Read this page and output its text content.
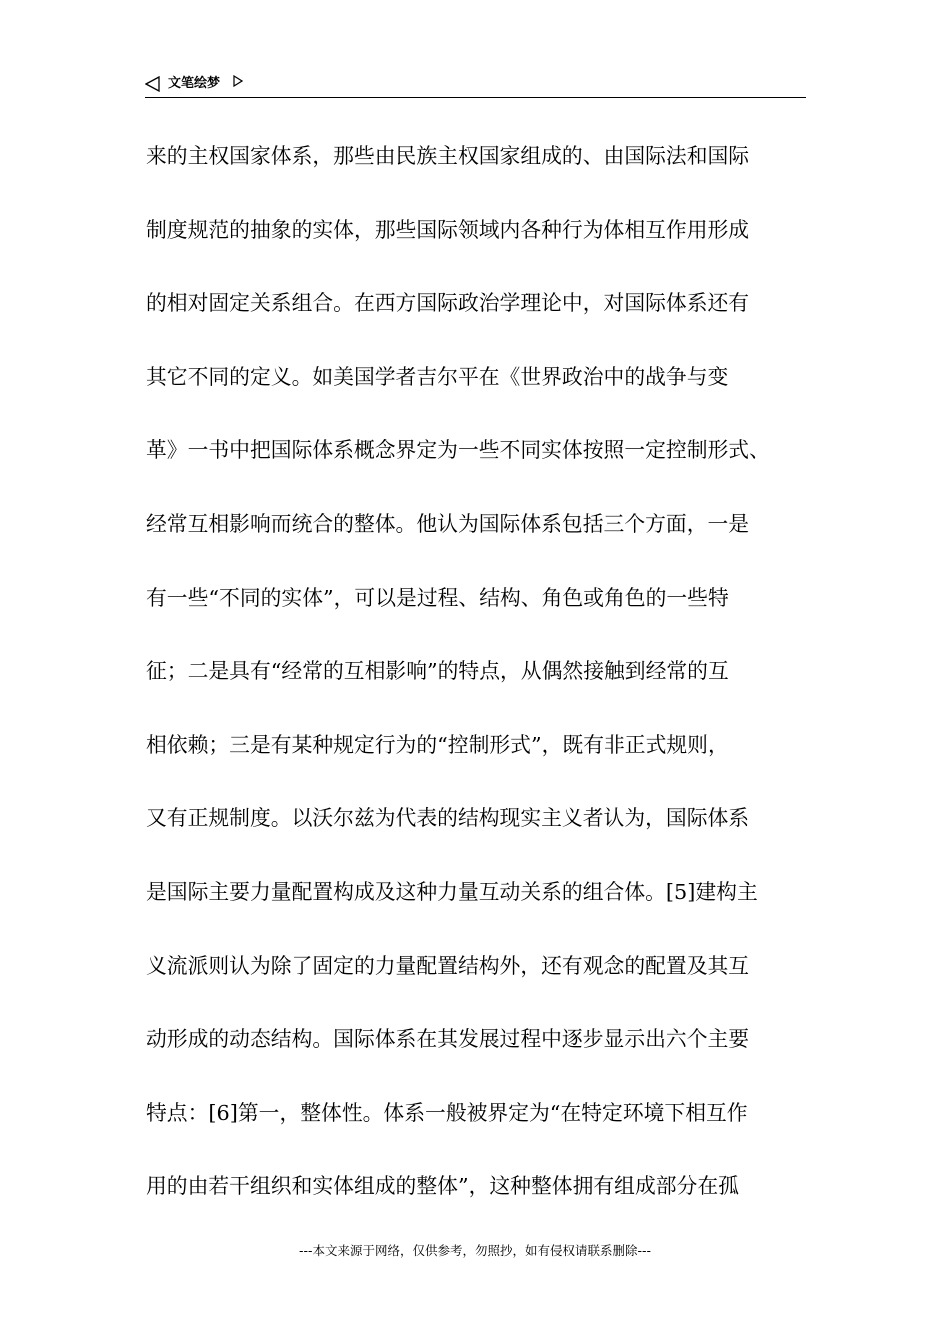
文笔绘梦
来的主权国家体系，那些由民族主权国家组成的、由国际法和国际
制度规范的抽象的实体，那些国际领域内各种行为体相互作用形成
的相对固定关系组合。在西方国际政治学理论中，对国际体系还有
其它不同的定义。如美国学者吉尔平在《世界政治中的战争与变
革》一书中把国际体系概念界定为一些不同实体按照一定控制形式、
经常互相影响而统合的整体。他认为国际体系包括三个方面，一是
有一些“不同的实体”，可以是过程、结构、角色或角色的一些特
征；二是具有“经常的互相影响”的特点，从偶然接触到经常的互
相依赖；三是有某种规定行为的“控制形式”，既有非正式规则，
又有正规制度。以沃尔兹为代表的结构现实主义者认为，国际体系
是国际主要力量配置构成及这种力量互动关系的组合体。[5]建构主
义流派则认为除了固定的力量配置结构外，还有观念的配置及其互
动形成的动态结构。国际体系在其发展过程中逐步显示出六个主要
特点：[6]第一，整体性。体系一般被界定为“在特定环境下相互作
用的由若干组织和实体组成的整体”，这种整体拥有组成部分在孤
---本文来源于网络，仅供参考，勿照抄，如有侵权请联系删除---
